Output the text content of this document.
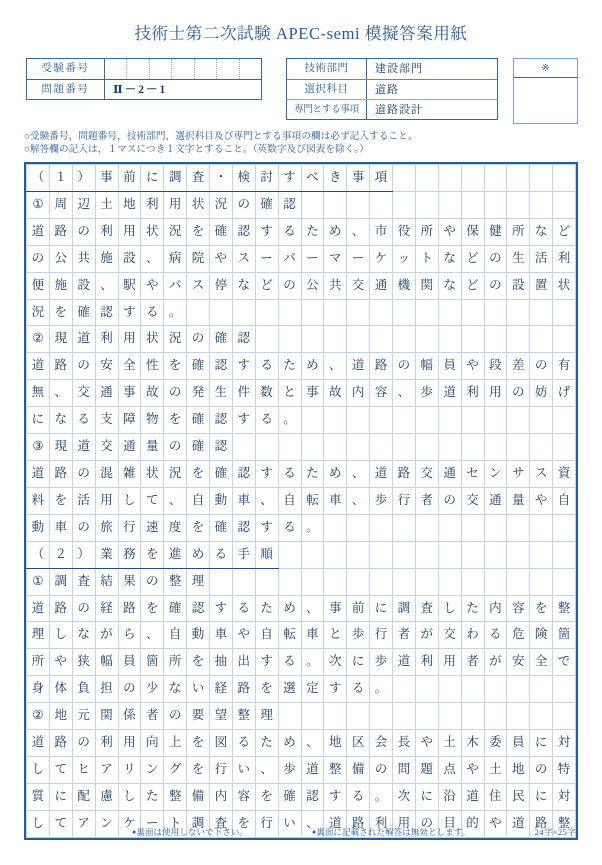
技術士第二次試験 APEC-semi 模擬答案用紙
受験番号
問題番号	Ⅱ－2－1
技術部門	建設部門
選択科目	道路
専門とする事項	道路設計
※
○受験番号，問題番号，技術部門，選択科目及び専門とする事項の欄は必ず記入すること。
○解答欄の記入は，１マスにつき１文字とすること。（英数字及び図表を除く。）
（	１	）	事	前	に	調	査	・	検	討	す	べ	き	事	項								
①	周	辺	土	地	利	用	状	況	の	確	認												
道	路	の	利	用	状	況	を	確	認	す	る	た	め	、	市	役	所	や	保	健	所	な	ど
の	公	共	施	設	、	病	院	や	ス	ー	パ	ー	マ	ー	ケ	ッ	ト	な	ど	の	生	活	利
便	施	設	、	駅	や	バ	ス	停	な	ど	の	公	共	交	通	機	関	な	ど	の	設	置	状
況	を	確	認	す	る	。																	
②	現	道	利	用	状	況	の	確	認														
道	路	の	安	全	性	を	確	認	す	る	た	め	、	道	路	の	幅	員	や	段	差	の	有
無	、	交	通	事	故	の	発	生	件	数	と	事	故	内	容	、	歩	道	利	用	の	妨	げ
に	な	る	支	障	物	を	確	認	す	る	。												
③	現	道	交	通	量	の	確	認															
道	路	の	混	雑	状	況	を	確	認	す	る	た	め	、	道	路	交	通	セ	ン	サ	ス	資
料	を	活	用	し	て	、	自	動	車	、	自	転	車	、	歩	行	者	の	交	通	量	や	自
動	車	の	旅	行	速	度	を	確	認	す	る	。											
（	２	）	業	務	を	進	め	る	手	順													
①	調	査	結	果	の	整	理																
道	路	の	経	路	を	確	認	す	る	た	め	、	事	前	に	調	査	し	た	内	容	を	整
理	し	な	が	ら	、	自	動	車	や	自	転	車	と	歩	行	者	が	交	わ	る	危	険	箇
所	や	狭	幅	員	箇	所	を	抽	出	す	る	。	次	に	歩	道	利	用	者	が	安	全	で
身	体	負	担	の	少	な	い	経	路	を	選	定	す	る	。								
②	地	元	関	係	者	の	要	望	整	理													
道	路	の	利	用	向	上	を	図	る	た	め	、	地	区	会	長	や	土	木	委	員	に	対
し	て	ヒ	ア	リ	ン	グ	を	行	い	、	歩	道	整	備	の	問	題	点	や	土	地	の	特
質	に	配	慮	し	た	整	備	内	容	を	確	認	す	る	。	次	に	沿	道	住	民	に	対
し	て	ア	ン	ケ	ー	ト	調	査	を	行	い	、	道	路	利	用	の	目	的	や	道	路	整
●裏面は使用しないで下さい。	●裏面に記載された解答は無効とします。	24字×25字
